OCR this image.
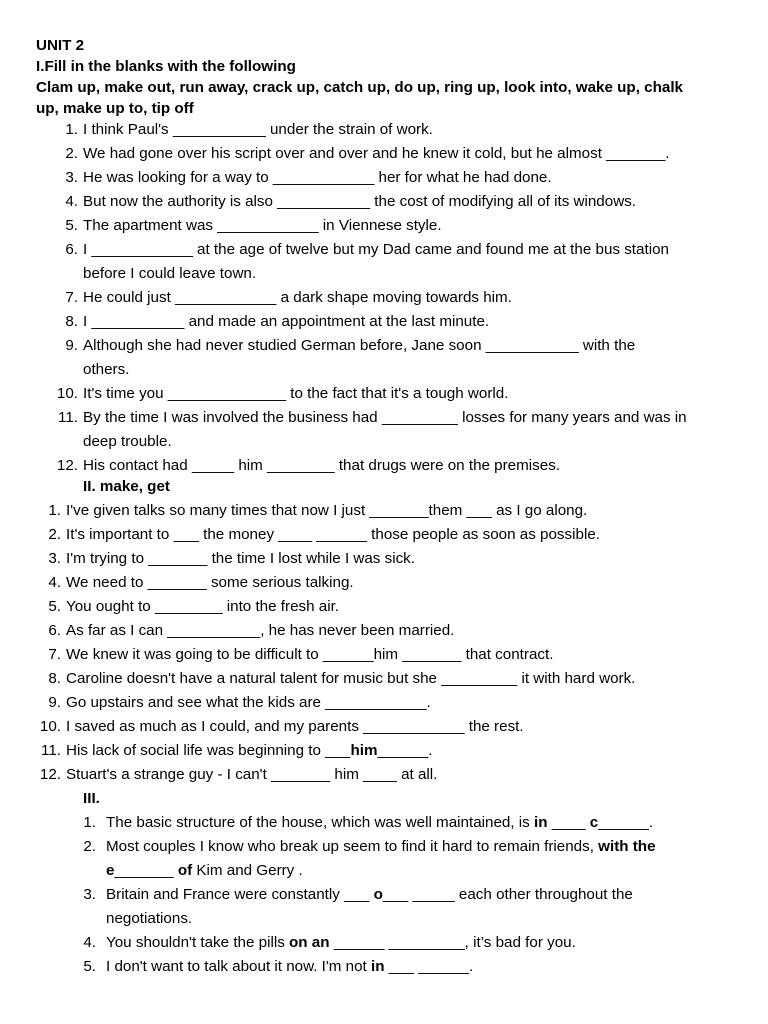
UNIT 2
I.Fill in the blanks with the following
Clam up, make out, run away, crack up, catch up, do up, ring up, look into, wake up, chalk
up, make up to, tip off
1. I think Paul's ___________ under the strain of work.
2. We had gone over his script over and over and he knew it cold, but he almost _______.
3. He was looking for a way to ____________ her for what he had done.
4. But now the authority is also ___________ the cost of modifying all of its windows.
5. The apartment was ____________ in Viennese style.
6. I ____________ at the age of twelve but my Dad came and found me at the bus station
before I could leave town.
7. He could just ____________ a dark shape moving towards him.
8. I ___________ and made an appointment at the last minute.
9. Although she had never studied German before, Jane soon ___________ with the
others.
10. It's time you ______________ to the fact that it's a tough world.
11. By the time I was involved the business had _________ losses for many years and was in
deep trouble.
12. His contact had _____ him ________ that drugs were on the premises.
II. make, get
1. I've given talks so many times that now I just _______them ___ as I go along.
2. It's important to ___ the money ____ ______ those people as soon as possible.
3. I'm trying to _______ the time I lost while I was sick.
4. We need to _______ some serious talking.
5. You ought to ________ into the fresh air.
6. As far as I can ___________, he has never been married.
7. We knew it was going to be difficult to ______him _______ that contract.
8. Caroline doesn't have a natural talent for music but she _________ it with hard work.
9. Go upstairs and see what the kids are ____________.
10. I saved as much as I could, and my parents ____________ the rest.
11. His lack of social life was beginning to ___him______.
12. Stuart's a strange guy - I can't _______ him ____ at all.
III.
1. The basic structure of the house, which was well maintained, is in ____ c______.
2. Most couples I know who break up seem to find it hard to remain friends, with the
e_______ of Kim and Gerry .
3. Britain and France were constantly ___ o___ _____ each other throughout the
negotiations.
4. You shouldn't take the pills on an ______ _________, it’s bad for you.
5. I don't want to talk about it now. I'm not in ___ ______.
